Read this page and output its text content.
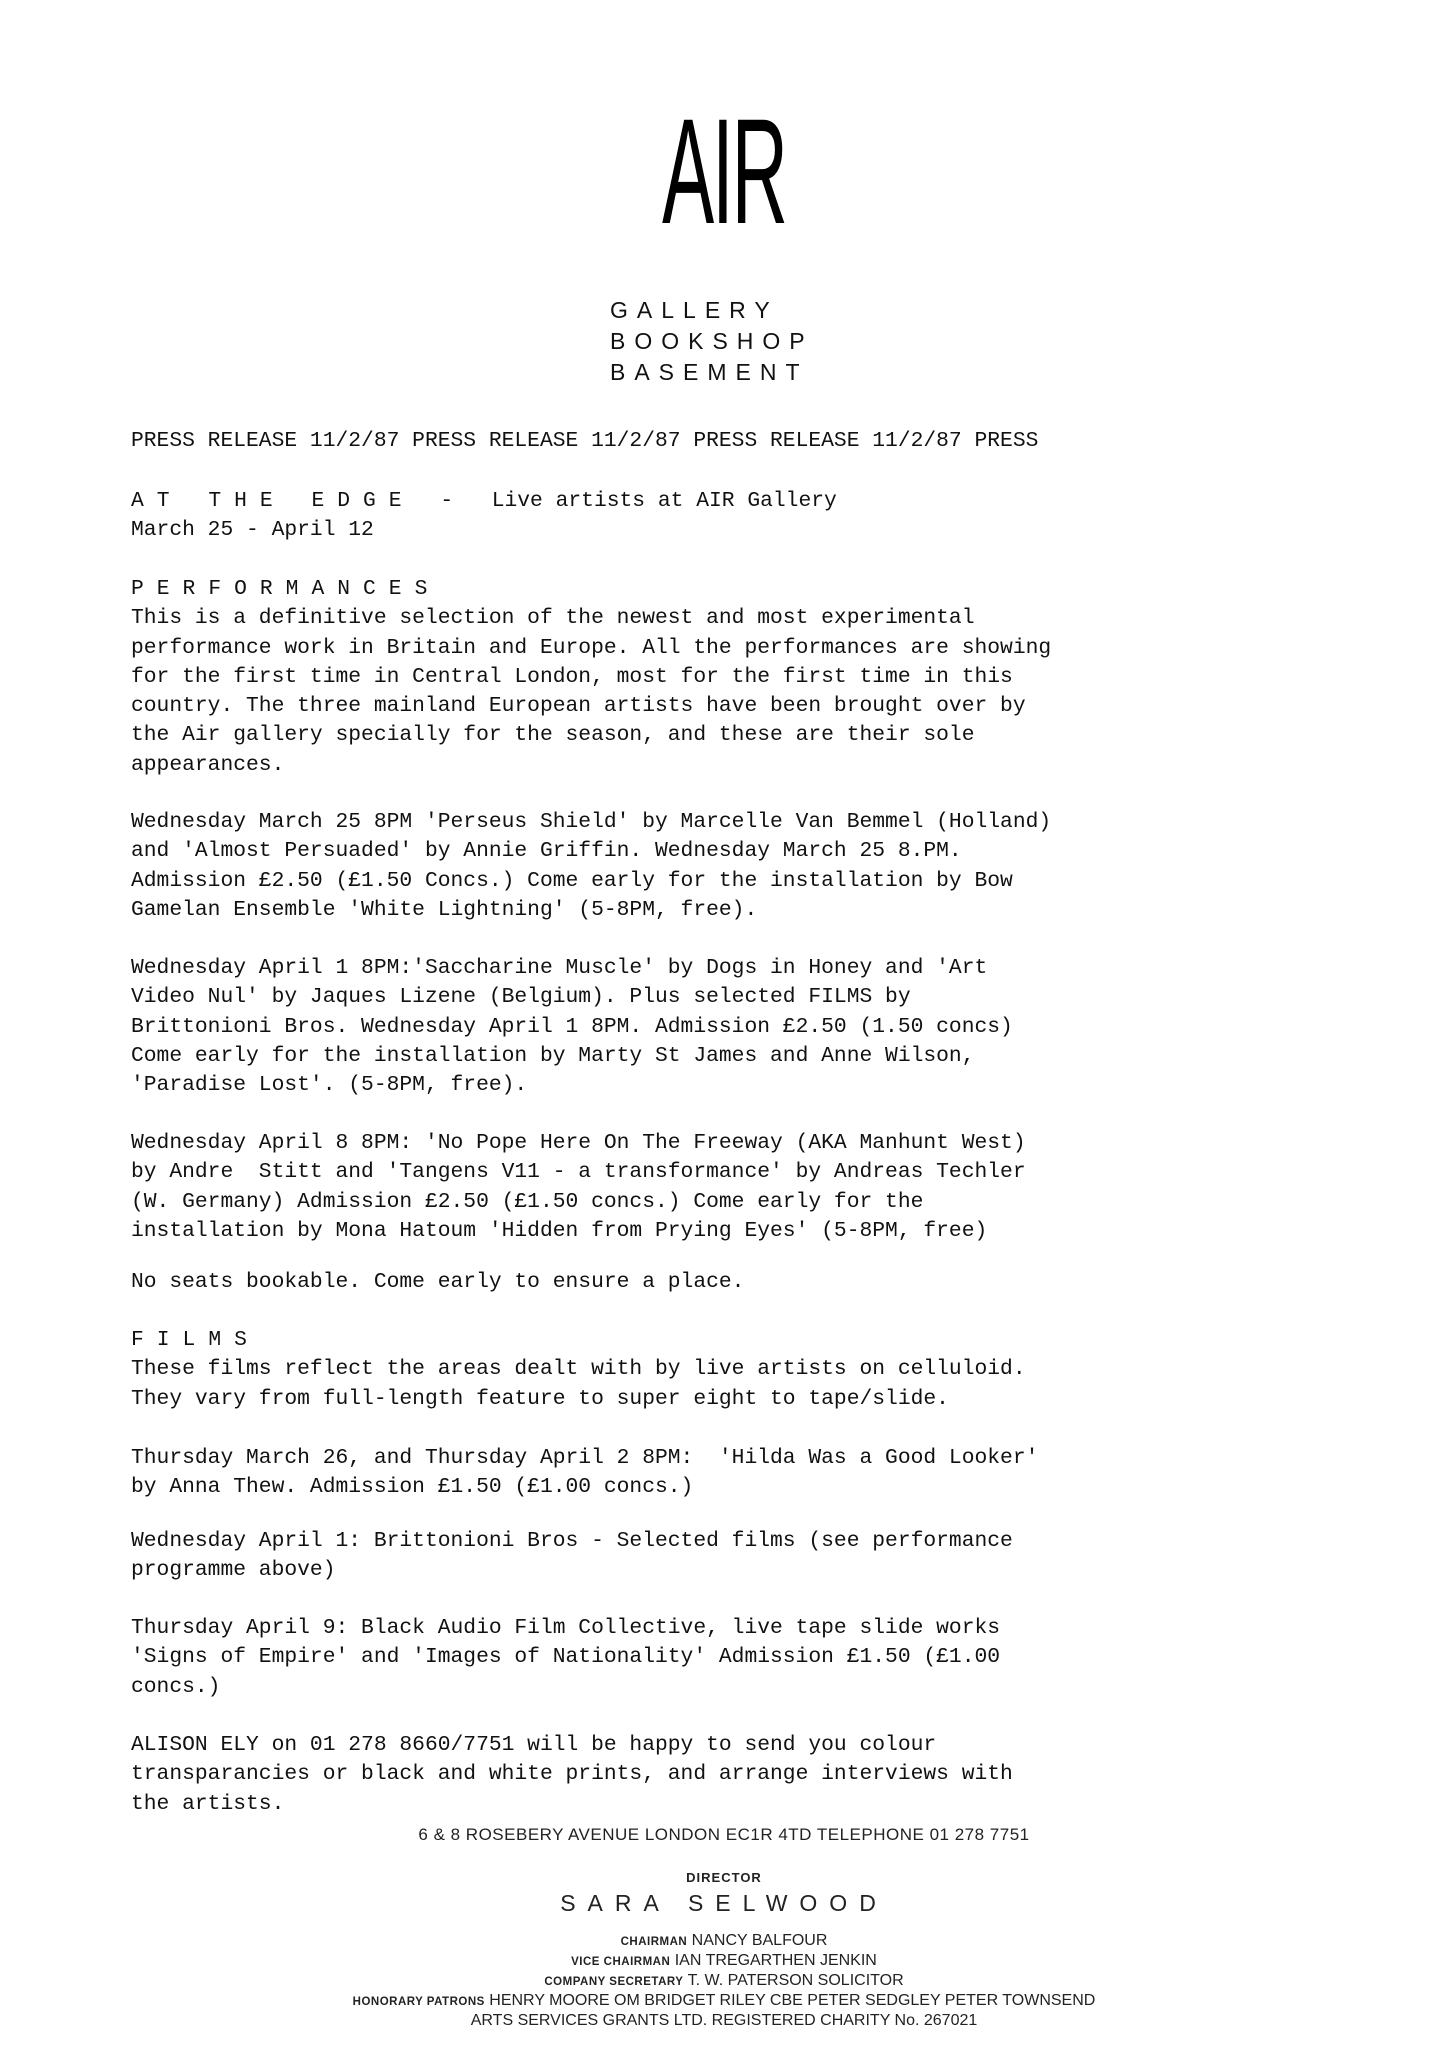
AIR
GALLERY
BOOKSHOP
BASEMENT
PRESS RELEASE 11/2/87 PRESS RELEASE 11/2/87 PRESS RELEASE 11/2/87 PRESS
AT THE EDGE - Live artists at AIR Gallery
March 25 - April 12
PERFORMANCES
This is a definitive selection of the newest and most experimental
performance work in Britain and Europe. All the performances are showing
for the first time in Central London, most for the first time in this
country. The three mainland European artists have been brought over by
the Air gallery specially for the season, and these are their sole
appearances.
Wednesday March 25 8PM 'Perseus Shield' by Marcelle Van Bemmel (Holland)
and 'Almost Persuaded' by Annie Griffin. Wednesday March 25 8.PM.
Admission £2.50 (£1.50 Concs.) Come early for the installation by Bow
Gamelan Ensemble 'White Lightning' (5-8PM, free).
Wednesday April 1 8PM:'Saccharine Muscle' by Dogs in Honey and 'Art
Video Nul' by Jaques Lizene (Belgium). Plus selected FILMS by
Brittonioni Bros. Wednesday April 1 8PM. Admission £2.50 (1.50 concs)
Come early for the installation by Marty St James and Anne Wilson,
'Paradise Lost'. (5-8PM, free).
Wednesday April 8 8PM: 'No Pope Here On The Freeway (AKA Manhunt West)
by Andre  Stitt and 'Tangens V11 - a transformance' by Andreas Techler
(W. Germany) Admission £2.50 (£1.50 concs.) Come early for the
installation by Mona Hatoum 'Hidden from Prying Eyes' (5-8PM, free)
No seats bookable. Come early to ensure a place.
FILMS
These films reflect the areas dealt with by live artists on celluloid.
They vary from full-length feature to super eight to tape/slide.
Thursday March 26, and Thursday April 2 8PM:  'Hilda Was a Good Looker'
by Anna Thew. Admission £1.50 (£1.00 concs.)
Wednesday April 1: Brittonioni Bros - Selected films (see performance
programme above)
Thursday April 9: Black Audio Film Collective, live tape slide works
'Signs of Empire' and 'Images of Nationality' Admission £1.50 (£1.00
concs.)
ALISON ELY on 01 278 8660/7751 will be happy to send you colour
transparancies or black and white prints, and arrange interviews with
the artists.
6 & 8 ROSEBERY AVENUE LONDON EC1R 4TD TELEPHONE 01 278 7751
DIRECTOR
SARA SELWOOD
CHAIRMAN NANCY BALFOUR
VICE CHAIRMAN IAN TREGARTHEN JENKIN
COMPANY SECRETARY T. W. PATERSON SOLICITOR
HONORARY PATRONS HENRY MOORE OM BRIDGET RILEY CBE PETER SEDGLEY PETER TOWNSEND
ARTS SERVICES GRANTS LTD. REGISTERED CHARITY No. 267021
